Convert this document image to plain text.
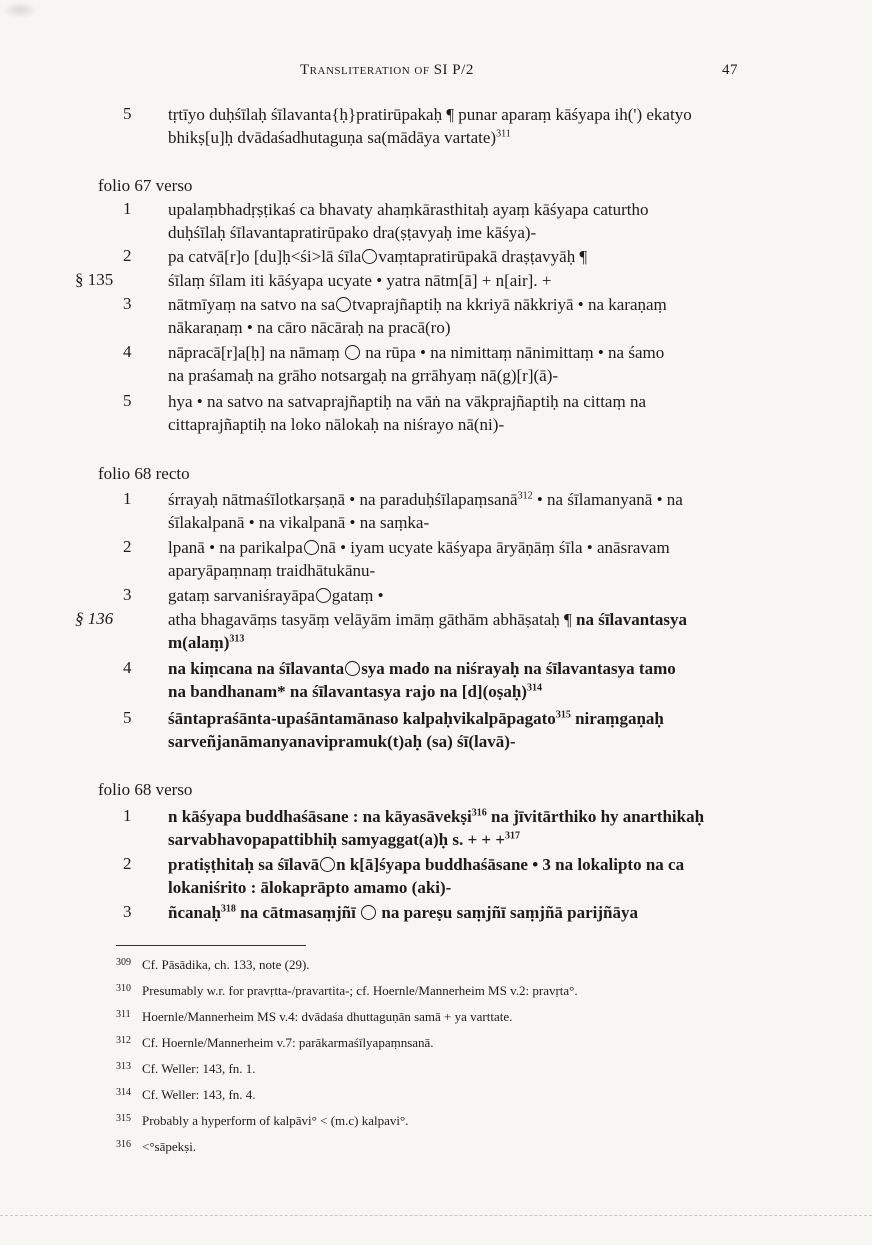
Transliteration of SI P/2	47
5 tṛtīyo duḥśīlaḥ śīlavanta{ḥ}pratirūpakaḥ ¶ punar aparaṃ kāśyapa ih(') ekatyo
bhikṣ[u]ḥ dvādaśadhutaguṇa sa(mādāya vartate)$^{311}$
folio 67 verso
1 upalaṃbhadṛṣṭikaś ca bhavaty ahaṃkārasthitaḥ ayaṃ kāśyapa caturtho
duḥśīlaḥ śīlavantapratirūpako dra(ṣṭavyaḥ ime kāśya)-
2 pa catvā[r]o [du]ḥ<śi>lā śīla vaṃtapratirūpakā draṣṭavyāḥ ¶
§ 135	śīlaṃ śīlam iti kāśyapa ucyate • yatra nātm[ā] + n[air]. +
3 nātmīyaṃ na satvo na sa tvaprajñaptiḥ na kkriyā nākkriyā • na karaṇaṃ
nākaraṇaṃ • na cāro nācāraḥ na pracā(ro)
4 nāpracā[r]a[ḥ] na nāmaṃ na rūpa • na nimittaṃ nānimittaṃ • na śamo
na praśamaḥ na grāho notsargaḥ na grrāhyaṃ nā(g)[r](ā)-
5 hya • na satvo na satvaprajñaptiḥ na vāṅ na vākprajñaptiḥ na cittaṃ na
cittaprajñaptiḥ na loko nālokaḥ na niśrayo nā(ni)-
folio 68 recto
1 śrrayaḥ nātmaśīlotkarṣaṇā • na paraduḥśīlapaṃsanā$^{312}$ • na śīlamanyanā • na
śīlakalpanā • na vikalpanā • na saṃka-
2 lpanā • na parikalpa nā • iyam ucyate kāśyapa āryāṇāṃ śīla • anāsravam
aparyāpaṃnaṃ traidhātukānu-
3 gataṃ sarvaniśrayāpa gataṃ •
§ 136	atha bhagavāṃs tasyāṃ velāyām imāṃ gāthām abhāṣataḥ ¶ na śīlavantasya
m(alaṃ)$^{313}$
4 na kiṃcana na śīlavanta sya mado na niśrayaḥ na śīlavantasya tamo
na bandhanam* na śīlavantasya rajo na [d](oṣaḥ)$^{314}$
5 śāntapraśānta-upaśāntamānaso kalpaḥvikalpāpagato$^{315}$ niraṃgaṇaḥ
sarveñjanāmanyanavipramuk(t)aḥ (sa) śī(lavā)-
folio 68 verso
1 n kāśyapa buddhaśāsane : na kāyasāvekṣi$^{316}$ na jīvitārthiko hy anarthikaḥ
sarvabhavopapattibhiḥ samyaggat(a)ḥ s. + + +$^{317}$
2 pratiṣṭhitaḥ sa śīlavā n k[ā]śyapa buddhaśāsane • 3 na lokalipto na ca
lokaniśrito : ālokaprāpto amamo (aki)-
3 ñcanaḥ$^{318}$ na cātmasaṃjñī na pareṣu saṃjñī saṃjñā parijñāya
309 Cf. Pāsādika, ch. 133, note (29).
310 Presumably w.r. for pravṛtta-/pravartita-; cf. Hoernle/Mannerheim MS v.2: pravṛta°.
311 Hoernle/Mannerheim MS v.4: dvādaśa dhuttaguṇān samā + ya varttate.
312 Cf. Hoernle/Mannerheim v.7: parākarmaśīlyapaṃnsanā.
313 Cf. Weller: 143, fn. 1.
314 Cf. Weller: 143, fn. 4.
315 Probably a hyperform of kalpāvi° < (m.c) kalpavi°.
316 <°sāpekṣi.
